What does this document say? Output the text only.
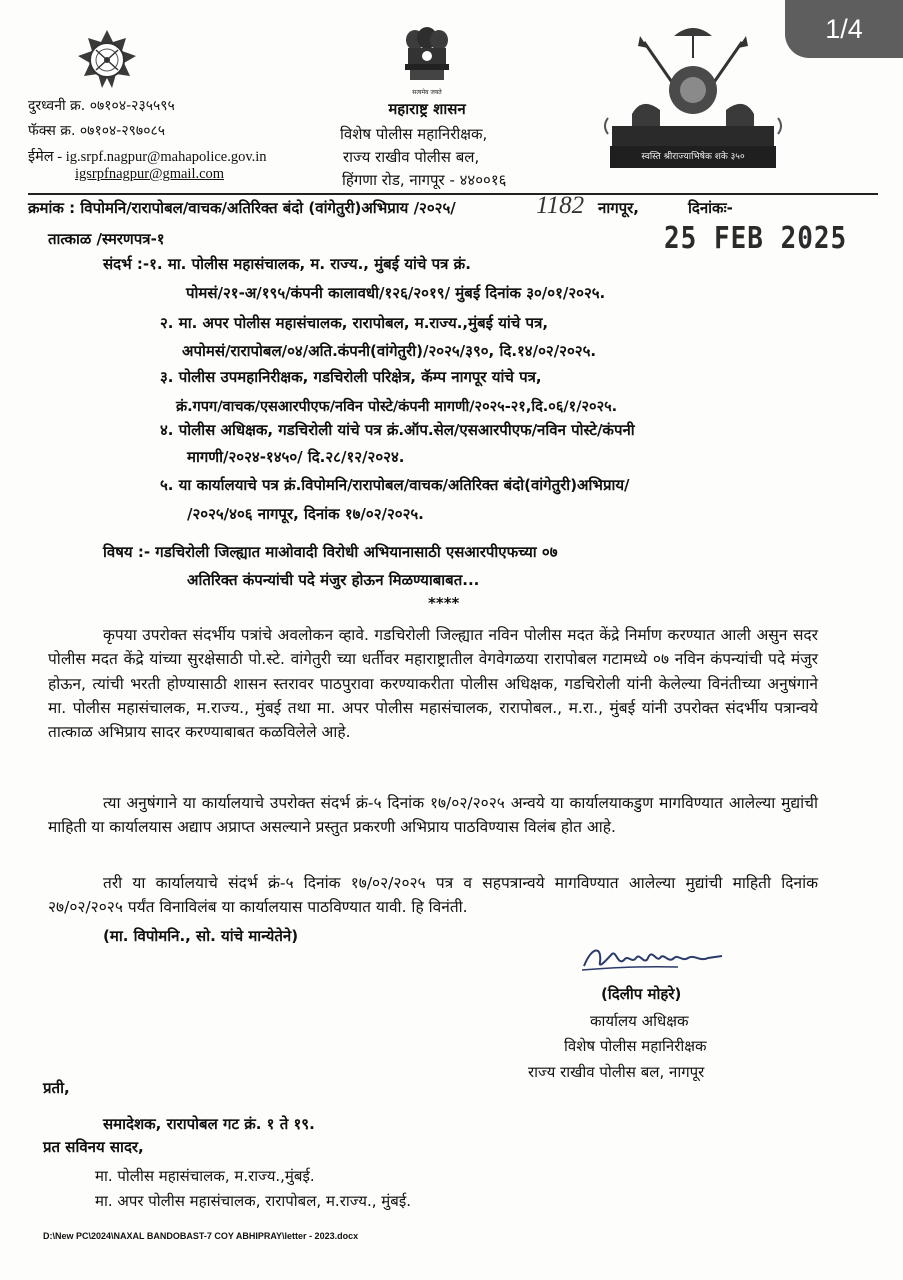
1/4
दुरध्वनी क्र. ०७१०४-२३५५९५
फॅक्स क्र. ०७१०४-२९७०८५
ईमेल - ig.srpf.nagpur@mahapolice.gov.in
igsrpfnagpur@gmail.com
सत्यमेव जयते
महाराष्ट्र शासन
विशेष पोलीस महानिरीक्षक,
राज्य राखीव पोलीस बल,
हिंगणा रोड, नागपूर - ४४००१६
स्वस्ति श्रीराज्याभिषेक शके ३५०
क्रमांक : विपोमनि/रारापोबल/वाचक/अतिरिक्त बंदो (वांगेतुरी)अभिप्राय /२०२५/	1182 नागपूर,	दिनांकः-
तात्काळ /स्मरणपत्र-१	25 FEB 2025
संदर्भ :-१. मा. पोलीस महासंचालक, म. राज्य., मुंबई यांचे पत्र क्रं.
पोमसं/२१-अ/१९५/कंपनी कालावधी/१२६/२०१९/ मुंबई दिनांक ३०/०१/२०२५.
२. मा. अपर पोलीस महासंचालक, रारापोबल, म.राज्य.,मुंबई यांचे पत्र,
अपोमसं/रारापोबल/०४/अति.कंपनी(वांगेतुरी)/२०२५/३९०, दि.१४/०२/२०२५.
३. पोलीस उपमहानिरीक्षक, गडचिरोली परिक्षेत्र, कॅम्प नागपूर यांचे पत्र,
क्रं.गपग/वाचक/एसआरपीएफ/नविन पोस्टे/कंपनी मागणी/२०२५-२१,दि.०६/१/२०२५.
४. पोलीस अधिक्षक, गडचिरोली यांचे पत्र क्रं.ऑप.सेल/एसआरपीएफ/नविन पोस्टे/कंपनी
मागणी/२०२४-१४५०/ दि.२८/१२/२०२४.
५. या कार्यालयाचे पत्र क्रं.विपोमनि/रारापोबल/वाचक/अतिरिक्त बंदो(वांगेतुरी)अभिप्राय/
/२०२५/४०६ नागपूर, दिनांक १७/०२/२०२५.
विषय :- गडचिरोली जिल्ह्यात माओवादी विरोधी अभियानासाठी एसआरपीएफच्या ०७
अतिरिक्त कंपन्यांची पदे मंजुर होऊन मिळण्याबाबत...
****
कृपया उपरोक्त संदर्भीय पत्रांचे अवलोकन व्हावे. गडचिरोली जिल्ह्यात नविन पोलीस मदत केंद्रे निर्माण करण्यात आली असुन सदर पोलीस मदत केंद्रे यांच्या सुरक्षेसाठी पो.स्टे. वांगेतुरी च्या धर्तीवर महाराष्ट्रातील वेगवेगळया रारापोबल गटामध्ये ०७ नविन कंपन्यांची पदे मंजुर होऊन, त्यांची भरती होण्यासाठी शासन स्तरावर पाठपुरावा करण्याकरीता पोलीस अधिक्षक, गडचिरोली यांनी केलेल्या विनंतीच्या अनुषंगाने मा. पोलीस महासंचालक, म.राज्य., मुंबई तथा मा. अपर पोलीस महासंचालक, रारापोबल., म.रा., मुंबई यांनी उपरोक्त संदर्भीय पत्रान्वये तात्काळ अभिप्राय सादर करण्याबाबत कळविलेले आहे.
त्या अनुषंगाने या कार्यालयाचे उपरोक्त संदर्भ क्रं-५ दिनांक १७/०२/२०२५ अन्वये या कार्यालयाकडुण मागविण्यात आलेल्या मुद्यांची माहिती या कार्यालयास अद्याप अप्राप्त असल्याने प्रस्तुत प्रकरणी अभिप्राय पाठविण्यास विलंब होत आहे.
तरी या कार्यालयाचे संदर्भ क्रं-५ दिनांक १७/०२/२०२५ पत्र व सहपत्रान्वये मागविण्यात आलेल्या मुद्यांची माहिती दिनांक २७/०२/२०२५ पर्यंत विनाविलंब या कार्यालयास पाठविण्यात यावी. हि विनंती.
(मा. विपोमनि., सो. यांचे मान्येतेने)
(दिलीप मोहरे)
कार्यालय अधिक्षक
विशेष पोलीस महानिरीक्षक
राज्य राखीव पोलीस बल, नागपूर
प्रती,
समादेशक, रारापोबल गट क्रं. १ ते १९.
प्रत सविनय सादर,
मा. पोलीस महासंचालक, म.राज्य.,मुंबई.
मा. अपर पोलीस महासंचालक, रारापोबल, म.राज्य., मुंबई.
D:\New PC\2024\NAXAL BANDOBAST-7 COY ABHIPRAY\letter - 2023.docx
